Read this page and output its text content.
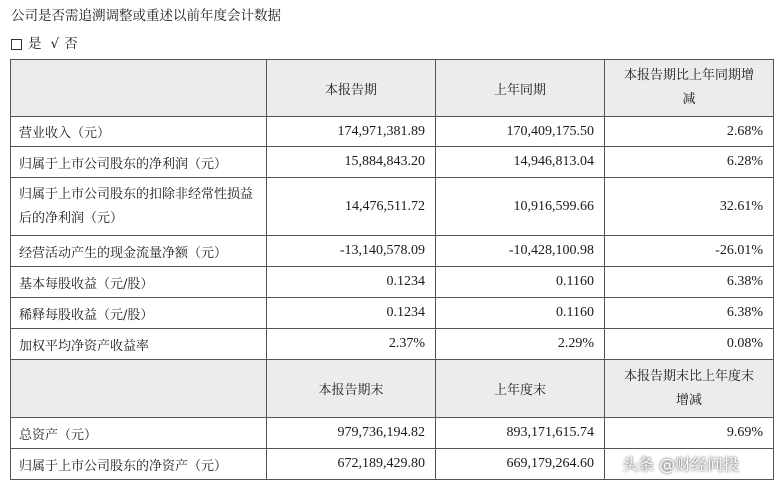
公司是否需追溯调整或重述以前年度会计数据
是 √ 否
	本报告期	上年同期	本报告期比上年同期增减
营业收入（元）	174,971,381.89	170,409,175.50	2.68%
归属于上市公司股东的净利润（元）	15,884,843.20	14,946,813.04	6.28%
归属于上市公司股东的扣除非经常性损益后的净利润（元）	14,476,511.72	10,916,599.66	32.61%
经营活动产生的现金流量净额（元）	-13,140,578.09	-10,428,100.98	-26.01%
基本每股收益（元/股）	0.1234	0.1160	6.38%
稀释每股收益（元/股）	0.1234	0.1160	6.38%
加权平均净资产收益率	2.37%	2.29%	0.08%
	本报告期末	上年度末	本报告期末比上年度末增减
总资产（元）	979,736,194.82	893,171,615.74	9.69%
归属于上市公司股东的净资产（元）	672,189,429.80	669,179,264.60	头条 @财经问投
